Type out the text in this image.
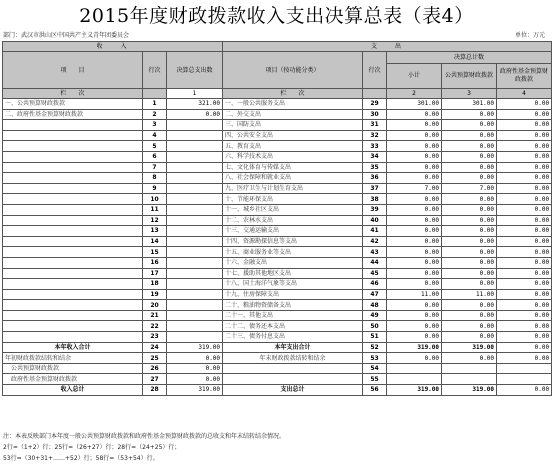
2015年度财政拨款收入支出决算总表（表4）
部门：武汉市洪山区中国共产主义青年团委员会	单位：万元
收　　入			支　　出				
项　　目	行次	决算总支出数	项目（按功能分类）	行次	决算总计数		
					小计	公共预算财政拨款	政府性基金预算财政拨款
栏　　次		1	栏　　次		2	3	4
一、公共预算财政拨款	1	321.00	一、一般公共服务支出	29	301.00	301.00	0.00
二、政府性基金预算财政拨款	2	0.00	二、外交支出	30	0.00	0.00	0.00
	3		三、国防支出	31	0.00	0.00	0.00
	4		四、公共安全支出	32	0.00	0.00	0.00
	5		五、教育支出	33	0.00	0.00	0.00
	6		六、科学技术支出	34	0.00	0.00	0.00
	7		七、文化体育与传媒支出	35	0.00	0.00	0.00
	8		八、社会保障和就业支出	36	0.00	0.00	0.00
	9		九、医疗卫生与计划生育支出	37	7.00	7.00	0.00
	10		十、节能环保支出	38	0.00	0.00	0.00
	11		十一、城乡社区支出	39	0.00	0.00	0.00
	12		十二、农林水支出	40	0.00	0.00	0.00
	13		十三、交通运输支出	41	0.00	0.00	0.00
	14		十四、资源勘探信息等支出	42	0.00	0.00	0.00
	15		十五、商业服务业等支出	43	0.00	0.00	0.00
	16		十六、金融支出	44	0.00	0.00	0.00
	17		十七、援助其他地区支出	45	0.00	0.00	0.00
	18		十八、国土海洋气象等支出	46	0.00	0.00	0.00
	19		十九、住房保障支出	47	11.00	11.00	0.00
	20		二十、粮油物资储备支出	48	0.00	0.00	0.00
	21		二十一、其他支出	49	0.00	0.00	0.00
	22		二十二、债务还本支出	50	0.00	0.00	0.00
	23		二十三、债务付息支出	51	0.00	0.00	0.00
本年收入合计	24	319.00	本年支出合计	52	319.00	319.00	0.00
年初财政拨款结转和结余	25	0.00	年末财政拨款结转和结余	53	0.00	0.00	0.00
公共预算财政拨款	26	0.00		54			
政府性基金预算财政拨款	27	0.00		55			
收入总计	28	319.00	支出总计	56	319.00	319.00	0.00
注：本表反映部门本年度一般公共预算财政拨款和政府性基金预算财政拨款的总收支和年末结转结余情况。
2行=（1+2）行；25行=（26+27）行；28行=（24+25）行；
53行=（30+31+……+52）行；58行=（53+54）行。
